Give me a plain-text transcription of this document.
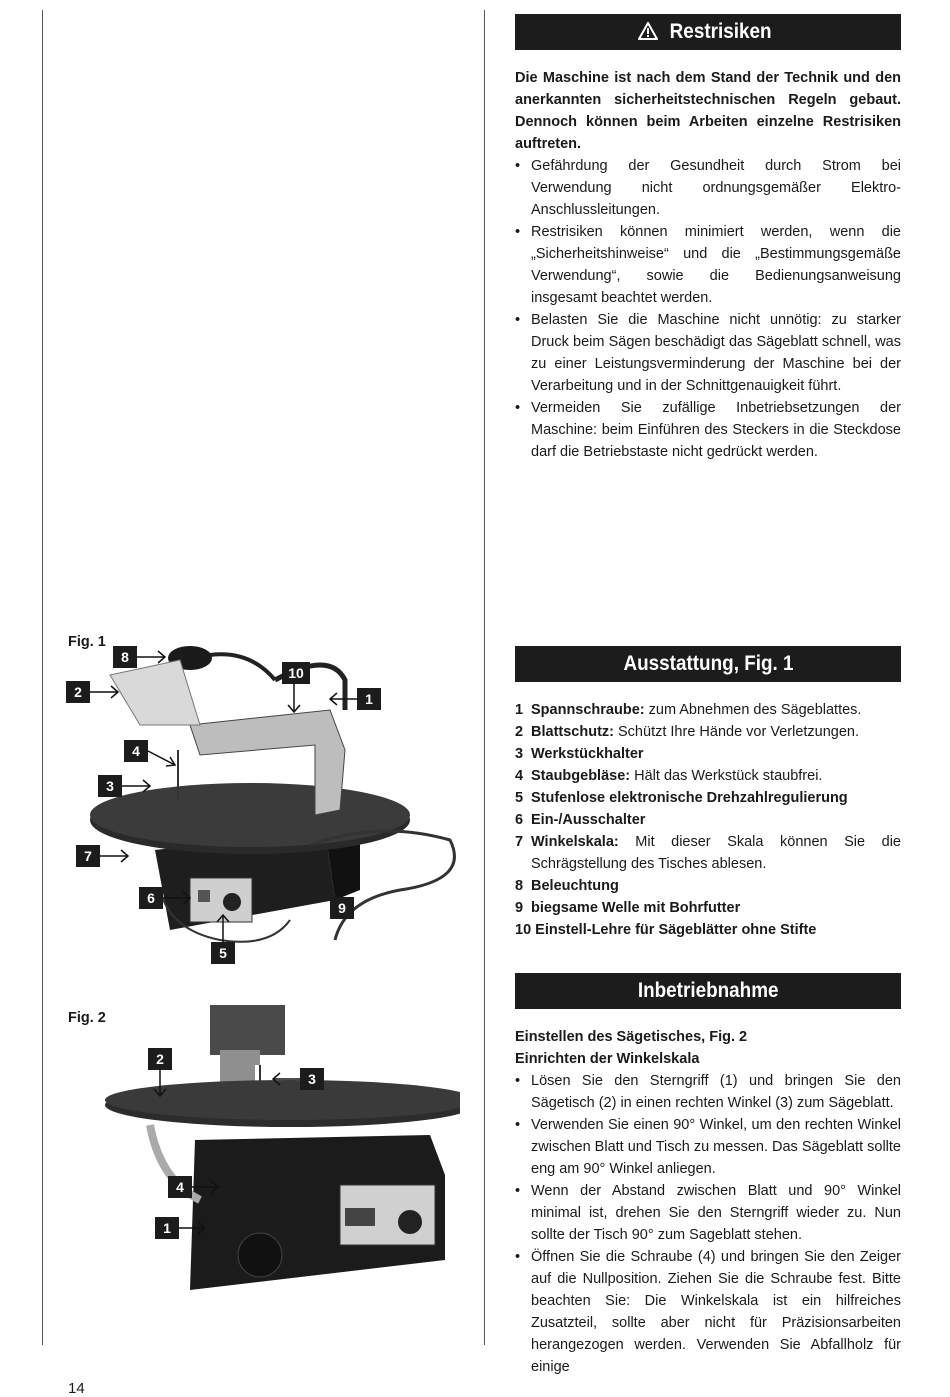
Restrisiken
Die Maschine ist nach dem Stand der Technik und den anerkannten sicherheitstechnischen Regeln gebaut. Dennoch können beim Arbeiten einzelne Restrisiken auftreten.
• Gefährdung der Gesundheit durch Strom bei Verwendung nicht ordnungsgemäßer Elektro-Anschlussleitungen.
• Restrisiken können minimiert werden, wenn die „Sicherheitshinweise“ und die „Bestimmungsgemäße Verwendung“, sowie die Bedienungsanweisung insgesamt beachtet werden.
• Belasten Sie die Maschine nicht unnötig: zu starker Druck beim Sägen beschädigt das Sägeblatt schnell, was zu einer Leistungsverminderung der Maschine bei der Verarbeitung und in der Schnittgenauigkeit führt.
• Vermeiden Sie zufällige Inbetriebsetzungen der Maschine: beim Einführen des Steckers in die Steckdose darf die Betriebstaste nicht gedrückt werden.
Ausstattung, Fig. 1
1 Spannschraube: zum Abnehmen des Sägeblattes.
2 Blattschutz: Schützt Ihre Hände vor Verletzungen.
3 Werkstückhalter
4 Staubgebläse: Hält das Werkstück staubfrei.
5 Stufenlose elektronische Drehzahlregulierung
6 Ein-/Ausschalter
7 Winkelskala: Mit dieser Skala können Sie die Schrägstellung des Tisches ablesen.
8 Beleuchtung
9 biegsame Welle mit Bohrfutter
10 Einstell-Lehre für Sägeblätter ohne Stifte
Inbetriebnahme
Einstellen des Sägetisches, Fig. 2
Einrichten der Winkelskala
• Lösen Sie den Sterngriff (1) und bringen Sie den Sägetisch (2) in einen rechten Winkel (3) zum Sägeblatt.
• Verwenden Sie einen 90° Winkel, um den rechten Winkel zwischen Blatt und Tisch zu messen. Das Sägeblatt sollte eng am 90° Winkel anliegen.
• Wenn der Abstand zwischen Blatt und 90° Winkel minimal ist, drehen Sie den Sterngriff wieder zu. Nun sollte der Tisch 90° zum Sageblatt stehen.
• Öffnen Sie die Schraube (4) und bringen Sie den Zeiger auf die Nullposition. Ziehen Sie die Schraube fest. Bitte beachten Sie: Die Winkelskala ist ein hilfreiches Zusatzteil, sollte aber nicht für Präzisionsarbeiten herangezogen werden. Verwenden Sie Abfallholz für einige
Fig. 1
8
2
10
1
4
3
7
6
9
5
Fig. 2
2
3
4
1
14
